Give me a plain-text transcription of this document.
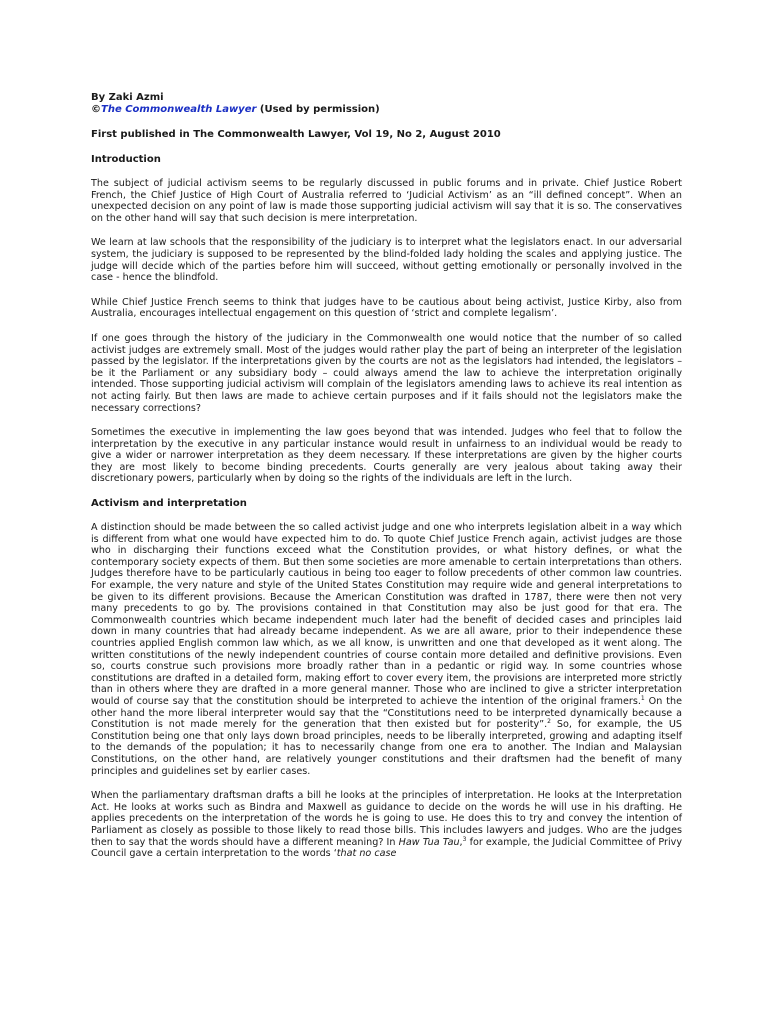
By Zaki Azmi

©The Commonwealth Lawyer (Used by permission)

First published in The Commonwealth Lawyer, Vol 19, No 2, August 2010

Introduction

The subject of judicial activism seems to be regularly discussed in public forums and in private. Chief Justice Robert French, the Chief Justice of High Court of Australia referred to ‘Judicial Activism’ as an “ill defined concept”. When an unexpected decision on any point of law is made those supporting judicial activism will say that it is so. The conservatives on the other hand will say that such decision is mere interpretation.

We learn at law schools that the responsibility of the judiciary is to interpret what the legislators enact. In our adversarial system, the judiciary is supposed to be represented by the blind-folded lady holding the scales and applying justice. The judge will decide which of the parties before him will succeed, without getting emotionally or personally involved in the case - hence the blindfold.

While Chief Justice French seems to think that judges have to be cautious about being activist, Justice Kirby, also from Australia, encourages intellectual engagement on this question of ‘strict and complete legalism’.

If one goes through the history of the judiciary in the Commonwealth one would notice that the number of so called activist judges are extremely small. Most of the judges would rather play the part of being an interpreter of the legislation passed by the legislator. If the interpretations given by the courts are not as the legislators had intended, the legislators – be it the Parliament or any subsidiary body – could always amend the law to achieve the interpretation originally intended. Those supporting judicial activism will complain of the legislators amending laws to achieve its real intention as not acting fairly. But then laws are made to achieve certain purposes and if it fails should not the legislators make the necessary corrections?

Sometimes the executive in implementing the law goes beyond that was intended. Judges who feel that to follow the interpretation by the executive in any particular instance would result in unfairness to an individual would be ready to give a wider or narrower interpretation as they deem necessary. If these interpretations are given by the higher courts they are most likely to become binding precedents. Courts generally are very jealous about taking away their discretionary powers, particularly when by doing so the rights of the individuals are left in the lurch.

Activism and interpretation

A distinction should be made between the so called activist judge and one who interprets legislation albeit in a way which is different from what one would have expected him to do. To quote Chief Justice French again, activist judges are those who in discharging their functions exceed what the Constitution provides, or what history defines, or what the contemporary society expects of them. But then some societies are more amenable to certain interpretations than others. Judges therefore have to be particularly cautious in being too eager to follow precedents of other common law countries. For example, the very nature and style of the United States Constitution may require wide and general interpretations to be given to its different provisions. Because the American Constitution was drafted in 1787, there were then not very many precedents to go by. The provisions contained in that Constitution may also be just good for that era. The Commonwealth countries which became independent much later had the benefit of decided cases and principles laid down in many countries that had already became independent. As we are all aware, prior to their independence these countries applied English common law which, as we all know, is unwritten and one that developed as it went along. The written constitutions of the newly independent countries of course contain more detailed and definitive provisions. Even so, courts construe such provisions more broadly rather than in a pedantic or rigid way. In some countries whose constitutions are drafted in a detailed form, making effort to cover every item, the provisions are interpreted more strictly than in others where they are drafted in a more general manner. Those who are inclined to give a stricter interpretation would of course say that the constitution should be interpreted to achieve the intention of the original framers.$^1$ On the other hand the more liberal interpreter would say that the “Constitutions need to be interpreted dynamically because a Constitution is not made merely for the generation that then existed but for posterity”.$^2$ So, for example, the US Constitution being one that only lays down broad principles, needs to be liberally interpreted, growing and adapting itself to the demands of the population; it has to necessarily change from one era to another. The Indian and Malaysian Constitutions, on the other hand, are relatively younger constitutions and their draftsmen had the benefit of many principles and guidelines set by earlier cases.

When the parliamentary draftsman drafts a bill he looks at the principles of interpretation. He looks at the Interpretation Act. He looks at works such as Bindra and Maxwell as guidance to decide on the words he will use in his drafting. He applies precedents on the interpretation of the words he is going to use. He does this to try and convey the intention of Parliament as closely as possible to those likely to read those bills. This includes lawyers and judges. Who are the judges then to say that the words should have a different meaning? In Haw Tua Tau,$^3$ for example, the Judicial Committee of Privy Council gave a certain interpretation to the words ‘that no case
